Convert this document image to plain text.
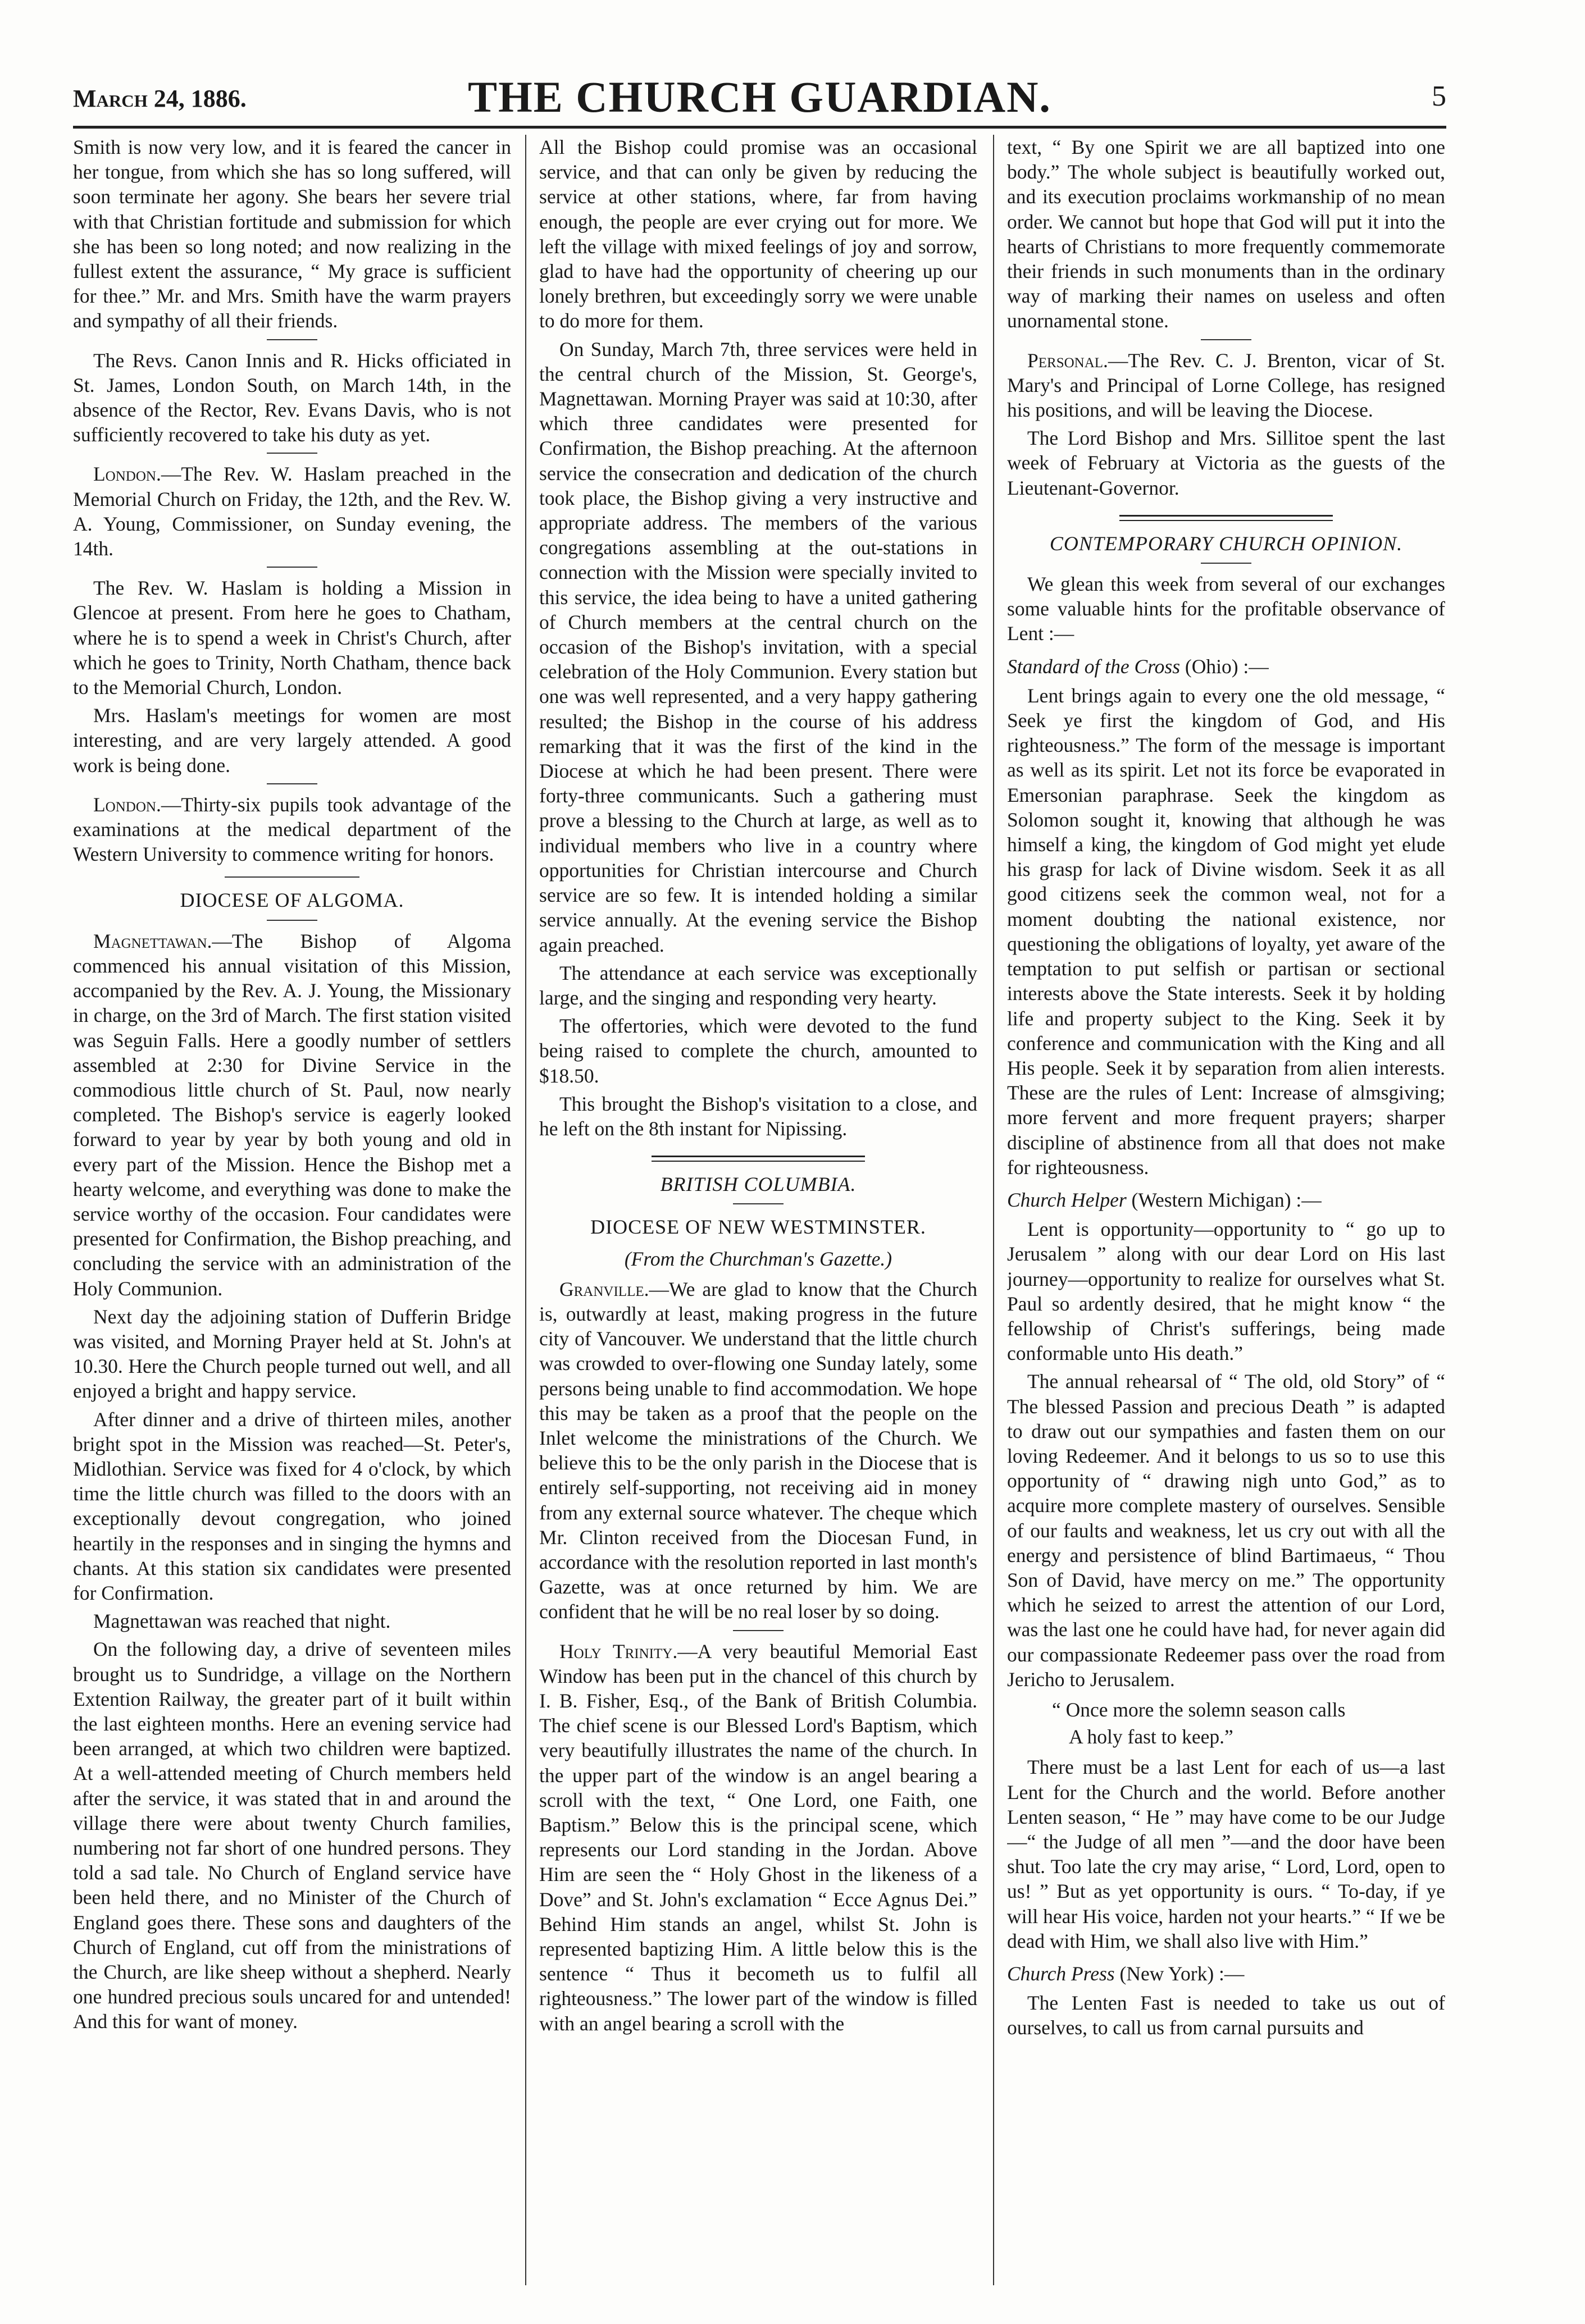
March 24, 1886.	THE CHURCH GUARDIAN.	5

Smith is now very low, and it is feared the cancer in her tongue, from which she has so long suffered, will soon terminate her agony. She bears her severe trial with that Christian fortitude and submission for which she has been so long noted; and now realizing in the fullest extent the assurance, “ My grace is sufficient for thee.” Mr. and Mrs. Smith have the warm prayers and sympathy of all their friends.

The Revs. Canon Innis and R. Hicks officiated in St. James, London South, on March 14th, in the absence of the Rector, Rev. Evans Davis, who is not sufficiently recovered to take his duty as yet.

London.—The Rev. W. Haslam preached in the Memorial Church on Friday, the 12th, and the Rev. W. A. Young, Commissioner, on Sunday evening, the 14th.

The Rev. W. Haslam is holding a Mission in Glencoe at present. From here he goes to Chatham, where he is to spend a week in Christ's Church, after which he goes to Trinity, North Chatham, thence back to the Memorial Church, London.

Mrs. Haslam's meetings for women are most interesting, and are very largely attended. A good work is being done.

London.—Thirty-six pupils took advantage of the examinations at the medical department of the Western University to commence writing for honors.

DIOCESE OF ALGOMA.

Magnettawan.—The Bishop of Algoma commenced his annual visitation of this Mission, accompanied by the Rev. A. J. Young, the Missionary in charge, on the 3rd of March. The first station visited was Seguin Falls. Here a goodly number of settlers assembled at 2:30 for Divine Service in the commodious little church of St. Paul, now nearly completed. The Bishop's service is eagerly looked forward to year by year by both young and old in every part of the Mission. Hence the Bishop met a hearty welcome, and everything was done to make the service worthy of the occasion. Four candidates were presented for Confirmation, the Bishop preaching, and concluding the service with an administration of the Holy Communion.

Next day the adjoining station of Dufferin Bridge was visited, and Morning Prayer held at St. John's at 10.30. Here the Church people turned out well, and all enjoyed a bright and happy service.

After dinner and a drive of thirteen miles, another bright spot in the Mission was reached—St. Peter's, Midlothian. Service was fixed for 4 o'clock, by which time the little church was filled to the doors with an exceptionally devout congregation, who joined heartily in the responses and in singing the hymns and chants. At this station six candidates were presented for Confirmation.

Magnettawan was reached that night.

On the following day, a drive of seventeen miles brought us to Sundridge, a village on the Northern Extention Railway, the greater part of it built within the last eighteen months. Here an evening service had been arranged, at which two children were baptized. At a well-attended meeting of Church members held after the service, it was stated that in and around the village there were about twenty Church families, numbering not far short of one hundred persons. They told a sad tale. No Church of England service have been held there, and no Minister of the Church of England goes there. These sons and daughters of the Church of England, cut off from the ministrations of the Church, are like sheep without a shepherd. Nearly one hundred precious souls uncared for and untended! And this for want of money.

All the Bishop could promise was an occasional service, and that can only be given by reducing the service at other stations, where, far from having enough, the people are ever crying out for more. We left the village with mixed feelings of joy and sorrow, glad to have had the opportunity of cheering up our lonely brethren, but exceedingly sorry we were unable to do more for them.

On Sunday, March 7th, three services were held in the central church of the Mission, St. George's, Magnettawan. Morning Prayer was said at 10:30, after which three candidates were presented for Confirmation, the Bishop preaching. At the afternoon service the consecration and dedication of the church took place, the Bishop giving a very instructive and appropriate address. The members of the various congregations assembling at the out-stations in connection with the Mission were specially invited to this service, the idea being to have a united gathering of Church members at the central church on the occasion of the Bishop's invitation, with a special celebration of the Holy Communion. Every station but one was well represented, and a very happy gathering resulted; the Bishop in the course of his address remarking that it was the first of the kind in the Diocese at which he had been present. There were forty-three communicants. Such a gathering must prove a blessing to the Church at large, as well as to individual members who live in a country where opportunities for Christian intercourse and Church service are so few. It is intended holding a similar service annually. At the evening service the Bishop again preached.

The attendance at each service was exceptionally large, and the singing and responding very hearty.

The offertories, which were devoted to the fund being raised to complete the church, amounted to $18.50.

This brought the Bishop's visitation to a close, and he left on the 8th instant for Nipissing.

BRITISH COLUMBIA.
DIOCESE OF NEW WESTMINSTER.
(From the Churchman's Gazette.)

Granville.—We are glad to know that the Church is, outwardly at least, making progress in the future city of Vancouver. We understand that the little church was crowded to over-flowing one Sunday lately, some persons being unable to find accommodation. We hope this may be taken as a proof that the people on the Inlet welcome the ministrations of the Church. We believe this to be the only parish in the Diocese that is entirely self-supporting, not receiving aid in money from any external source whatever. The cheque which Mr. Clinton received from the Diocesan Fund, in accordance with the resolution reported in last month's Gazette, was at once returned by him. We are confident that he will be no real loser by so doing.

Holy Trinity.—A very beautiful Memorial East Window has been put in the chancel of this church by I. B. Fisher, Esq., of the Bank of British Columbia. The chief scene is our Blessed Lord's Baptism, which very beautifully illustrates the name of the church. In the upper part of the window is an angel bearing a scroll with the text, “ One Lord, one Faith, one Baptism.” Below this is the principal scene, which represents our Lord standing in the Jordan. Above Him are seen the “ Holy Ghost in the likeness of a Dove” and St. John's exclamation “ Ecce Agnus Dei.” Behind Him stands an angel, whilst St. John is represented baptizing Him. A little below this is the sentence “ Thus it becometh us to fulfil all righteousness.” The lower part of the window is filled with an angel bearing a scroll with the

text, “ By one Spirit we are all baptized into one body.” The whole subject is beautifully worked out, and its execution proclaims workmanship of no mean order. We cannot but hope that God will put it into the hearts of Christians to more frequently commemorate their friends in such monuments than in the ordinary way of marking their names on useless and often unornamental stone.

Personal.—The Rev. C. J. Brenton, vicar of St. Mary's and Principal of Lorne College, has resigned his positions, and will be leaving the Diocese.

The Lord Bishop and Mrs. Sillitoe spent the last week of February at Victoria as the guests of the Lieutenant-Governor.

CONTEMPORARY CHURCH OPINION.

We glean this week from several of our exchanges some valuable hints for the profitable observance of Lent :—

Standard of the Cross (Ohio) :—

Lent brings again to every one the old message, “ Seek ye first the kingdom of God, and His righteousness.” The form of the message is important as well as its spirit. Let not its force be evaporated in Emersonian paraphrase. Seek the kingdom as Solomon sought it, knowing that although he was himself a king, the kingdom of God might yet elude his grasp for lack of Divine wisdom. Seek it as all good citizens seek the common weal, not for a moment doubting the national existence, nor questioning the obligations of loyalty, yet aware of the temptation to put selfish or partisan or sectional interests above the State interests. Seek it by holding life and property subject to the King. Seek it by conference and communication with the King and all His people. Seek it by separation from alien interests. These are the rules of Lent: Increase of almsgiving; more fervent and more frequent prayers; sharper discipline of abstinence from all that does not make for righteousness.

Church Helper (Western Michigan) :—

Lent is opportunity—opportunity to “ go up to Jerusalem ” along with our dear Lord on His last journey—opportunity to realize for ourselves what St. Paul so ardently desired, that he might know “ the fellowship of Christ's sufferings, being made conformable unto His death.”

The annual rehearsal of “ The old, old Story” of “ The blessed Passion and precious Death ” is adapted to draw out our sympathies and fasten them on our loving Redeemer. And it belongs to us so to use this opportunity of “ drawing nigh unto God,” as to acquire more complete mastery of ourselves. Sensible of our faults and weakness, let us cry out with all the energy and persistence of blind Bartimaeus, “ Thou Son of David, have mercy on me.” The opportunity which he seized to arrest the attention of our Lord, was the last one he could have had, for never again did our compassionate Redeemer pass over the road from Jericho to Jerusalem.

“ Once more the solemn season calls

A holy fast to keep.”

There must be a last Lent for each of us—a last Lent for the Church and the world. Before another Lenten season, “ He ” may have come to be our Judge—“ the Judge of all men ”—and the door have been shut. Too late the cry may arise, “ Lord, Lord, open to us! ” But as yet opportunity is ours. “ To-day, if ye will hear His voice, harden not your hearts.” “ If we be dead with Him, we shall also live with Him.”

Church Press (New York) :—

The Lenten Fast is needed to take us out of ourselves, to call us from carnal pursuits and
